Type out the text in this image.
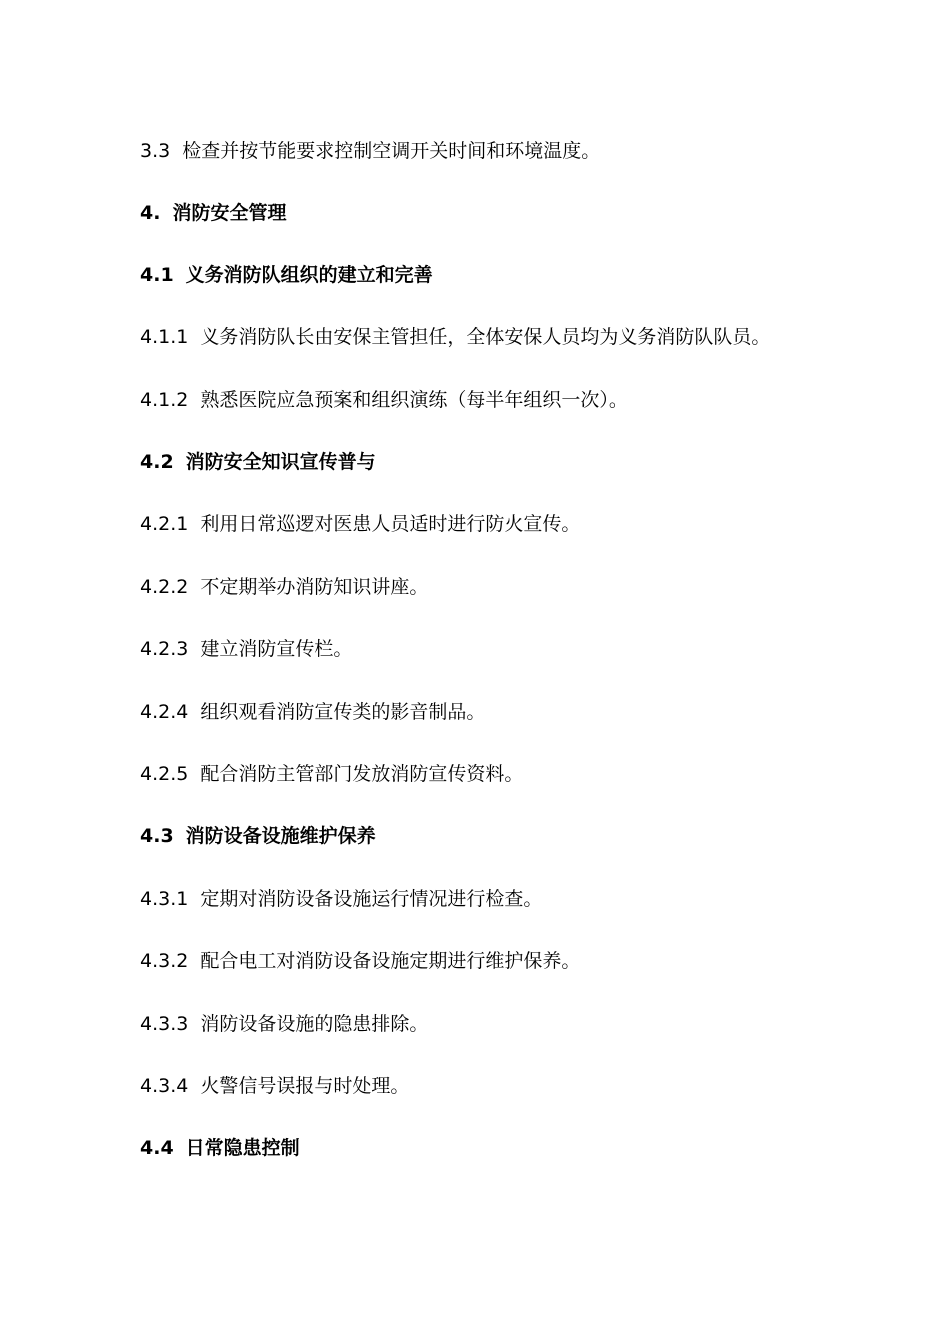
3.3 检查并按节能要求控制空调开关时间和环境温度。
4. 消防安全管理
4.1 义务消防队组织的建立和完善
4.1.1 义务消防队长由安保主管担任，全体安保人员均为义务消防队队员。
4.1.2 熟悉医院应急预案和组织演练（每半年组织一次）。
4.2 消防安全知识宣传普与
4.2.1 利用日常巡逻对医患人员适时进行防火宣传。
4.2.2 不定期举办消防知识讲座。
4.2.3 建立消防宣传栏。
4.2.4 组织观看消防宣传类的影音制品。
4.2.5 配合消防主管部门发放消防宣传资料。
4.3 消防设备设施维护保养
4.3.1 定期对消防设备设施运行情况进行检查。
4.3.2 配合电工对消防设备设施定期进行维护保养。
4.3.3 消防设备设施的隐患排除。
4.3.4 火警信号误报与时处理。
4.4 日常隐患控制
